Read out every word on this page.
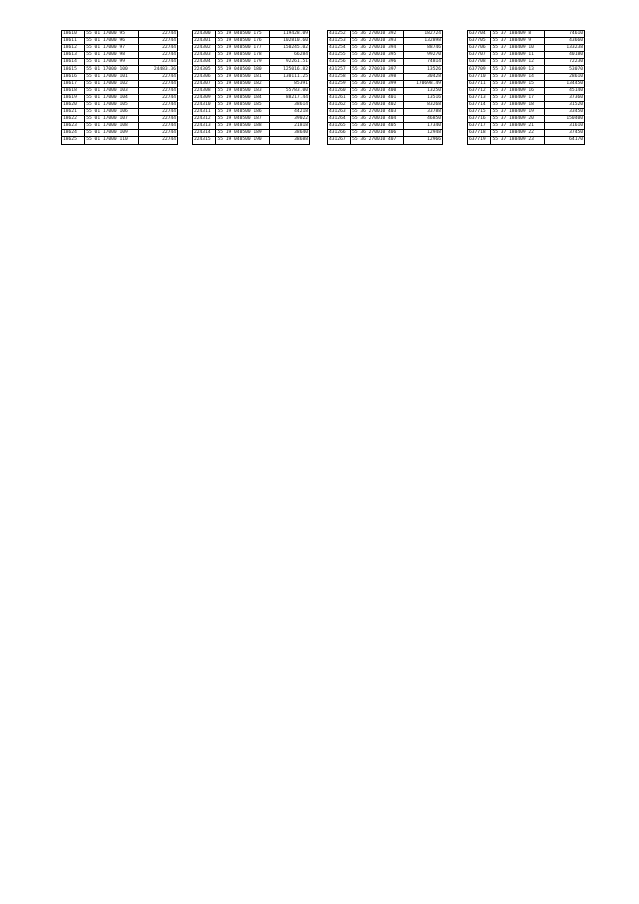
18610	55 01 17000 95	22744
18611	55 01 17000 96	22744
18612	55 01 17000 97	22744
18613	55 01 17000 98	22744
18614	55 01 17000 99	22744
18615	55 01 17000 100	24483.36
18616	55 01 17000 101	22744
18617	55 01 17000 102	22744
18618	55 01 17000 103	22744
18619	55 01 17000 104	22744
18620	55 01 17000 105	22744
18621	55 01 17000 106	22744
18622	55 01 17000 107	22744
18623	55 01 17000 108	22744
18624	55 01 17000 109	22744
18625	55 01 17000 110	22744
224300	55 19 040500 175	119428.09
224301	55 19 040500 176	102810.60
224302	55 19 040500 177	150245.02
224303	55 19 040500 178	66284
224304	55 19 040500 179	92261.51
224305	55 19 040500 180	125016.82
224306	55 19 040500 181	130111.25
224307	55 19 040500 182	85391
224308	55 19 040500 183	55783.00
224309	55 19 040500 184	88217.44
224310	55 19 040500 185	38614
224311	55 19 040500 186	44218
224312	55 19 040500 187	39022
224313	55 19 040500 188	21818
224314	55 19 040500 189	38640
224315	55 19 040500 190	38688
431252	55 36 270010 392	182724
431253	55 36 270010 393	132898
431254	55 36 270010 394	88746
431255	55 36 270010 395	99270
431256	55 36 270010 396	74814
431257	55 36 270010 397	13526
431258	55 36 270010 398	30428
431259	55 36 270010 399	170698.49
431260	55 36 270010 400	13250
431261	55 36 270010 401	13516
431262	55 36 270010 402	83268
431263	55 36 270010 403	33788
431264	55 36 270010 404	46850
431265	55 36 270010 405	17340
431266	55 36 270010 406	12948
431267	55 36 270010 407	12966
637704	55 37 180409 8	74610
637705	55 37 180409 9	43660
637706	55 37 180409 10	133238
637707	55 37 180409 11	40180
637708	55 37 180409 12	72230
637709	55 37 180409 13	53070
637710	55 37 180409 14	28610
637711	55 37 180409 15	134450
637712	55 37 180409 16	45140
637713	55 37 180409 17	37360
637714	55 37 180409 18	31520
637715	55 37 180409 19	33450
637716	55 37 180409 20	150400
637717	55 37 180409 21	31610
637718	55 37 180409 22	37450
637719	55 37 180409 23	64170
